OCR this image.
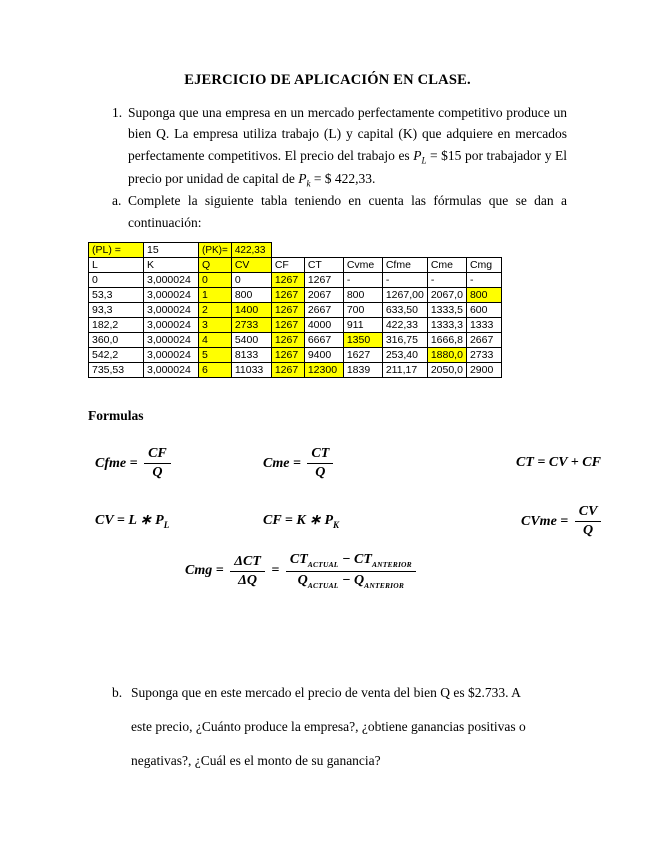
EJERCICIO DE APLICACIÓN EN CLASE.
1. Suponga que una empresa en un mercado perfectamente competitivo produce un bien Q. La empresa utiliza trabajo (L) y capital (K) que adquiere en mercados perfectamente competitivos. El precio del trabajo es $P_L$ = $15 por trabajador y El precio por unidad de capital de $P_k$ = $ 422,33.
a. Complete la siguiente tabla teniendo en cuenta las fórmulas que se dan a continuación:
(PL) =	15	(PK)=	422,33						
L	K	Q	CV	CF	CT	Cvme	Cfme	Cme	Cmg
0	3,000024	0	0	1267	1267	-	-	-	-
53,3	3,000024	1	800	1267	2067	800	1267,00	2067,0	800
93,3	3,000024	2	1400	1267	2667	700	633,50	1333,5	600
182,2	3,000024	3	2733	1267	4000	911	422,33	1333,3	1333
360,0	3,000024	4	5400	1267	6667	1350	316,75	1666,8	2667
542,2	3,000024	5	8133	1267	9400	1627	253,40	1880,0	2733
735,53	3,000024	6	11033	1267	12300	1839	211,17	2050,0	2900
Formulas
Cfme = $\frac{CF}{Q}$	Cme = $\frac{CT}{Q}$	CT = CV + CF
CV = L ∗ $P_L$	CF = K ∗ $P_K$	CVme = $\frac{CV}{Q}$
Cmg = $\frac{\text{ΔCT}}{\Delta Q} = \frac{CT_{ACTUAL} - CT_{ANTERIOR}}{Q_{ACTUAL} - Q_{ANTERIOR}}$
b. Suponga que en este mercado el precio de venta del bien Q es $2.733. A este precio, ¿Cuánto produce la empresa?, ¿obtiene ganancias positivas o negativas?, ¿Cuál es el monto de su ganancia?
